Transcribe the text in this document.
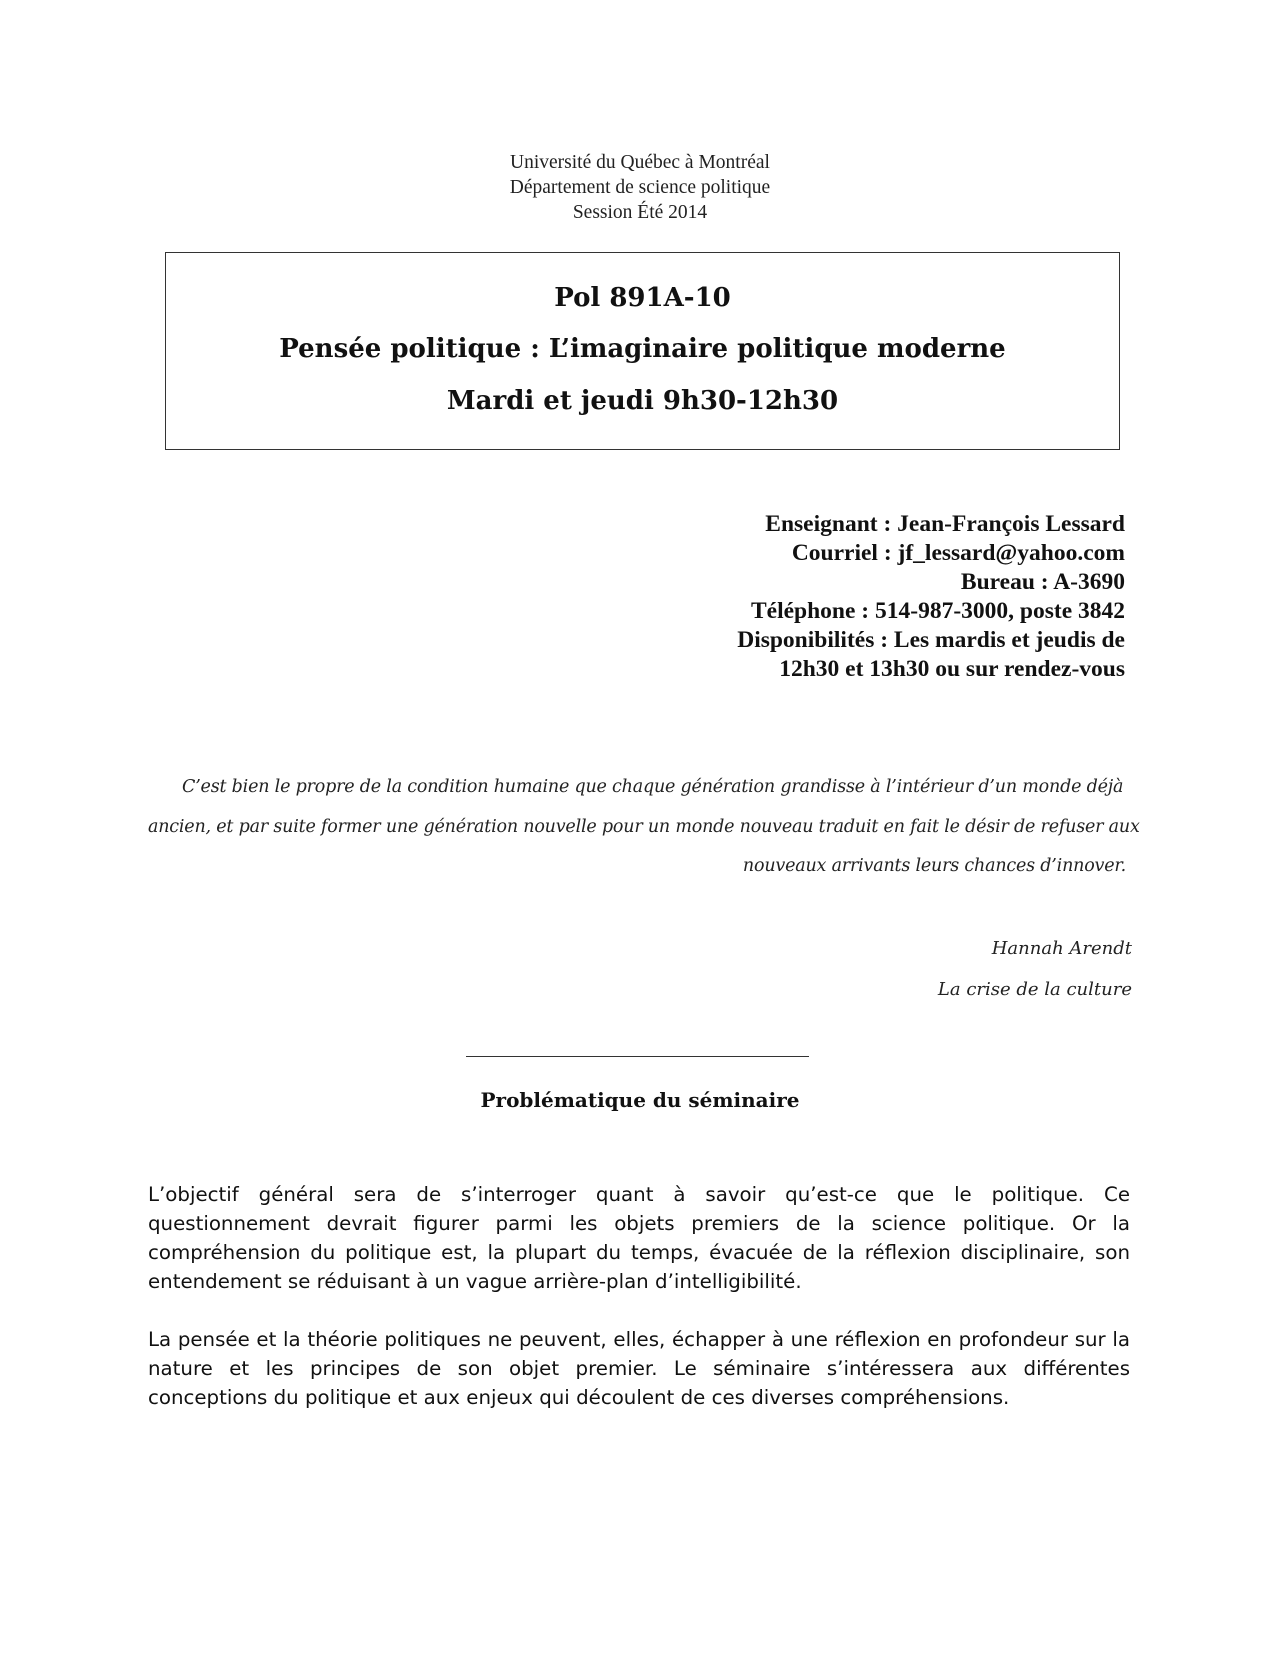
Université du Québec à Montréal
Département de science politique
Session Été 2014
Pol 891A-10
Pensée politique : L’imaginaire politique moderne
Mardi et jeudi 9h30-12h30
Enseignant : Jean-François Lessard
Courriel : jf_lessard@yahoo.com
Bureau : A-3690
Téléphone : 514-987-3000, poste 3842
Disponibilités : Les mardis et jeudis de
12h30 et 13h30 ou sur rendez-vous
C’est bien le propre de la condition humaine que chaque génération grandisse à l’intérieur d’un monde déjà
ancien, et par suite former une génération nouvelle pour un monde nouveau traduit en fait le désir de refuser aux
nouveaux arrivants leurs chances d’innover.
Hannah Arendt
La crise de la culture
Problématique du séminaire

L’objectif général sera de s’interroger quant à savoir qu’est-ce que le politique. Ce questionnement devrait figurer parmi les objets premiers de la science politique. Or la compréhension du politique est, la plupart du temps, évacuée de la réflexion disciplinaire, son entendement se réduisant à un vague arrière-plan d’intelligibilité.

La pensée et la théorie politiques ne peuvent, elles, échapper à une réflexion en profondeur sur la nature et les principes de son objet premier. Le séminaire s’intéressera aux différentes conceptions du politique et aux enjeux qui découlent de ces diverses compréhensions.
